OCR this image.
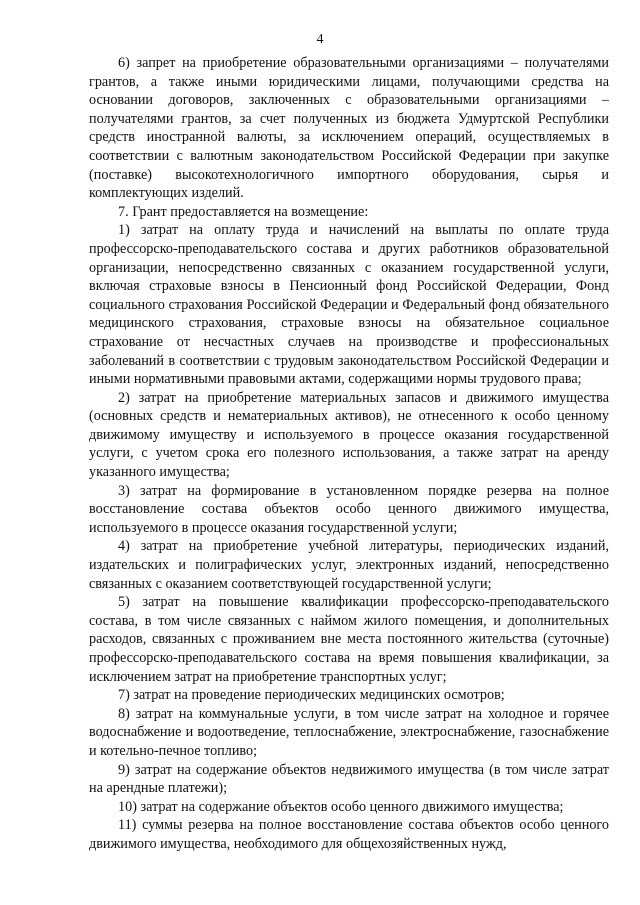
4

6) запрет на приобретение образовательными организациями – получателями грантов, а также иными юридическими лицами, получающими средства на основании договоров, заключенных с образовательными организациями – получателями грантов, за счет полученных из бюджета Удмуртской Республики средств иностранной валюты, за исключением операций, осуществляемых в соответствии с валютным законодательством Российской Федерации при закупке (поставке) высокотехнологичного импортного оборудования, сырья и комплектующих изделий.

7. Грант предоставляется на возмещение:

1) затрат на оплату труда и начислений на выплаты по оплате труда профессорско-преподавательского состава и других работников образовательной организации, непосредственно связанных с оказанием государственной услуги, включая страховые взносы в Пенсионный фонд Российской Федерации, Фонд социального страхования Российской Федерации и Федеральный фонд обязательного медицинского страхования, страховые взносы на обязательное социальное страхование от несчастных случаев на производстве и профессиональных заболеваний в соответствии с трудовым законодательством Российской Федерации и иными нормативными правовыми актами, содержащими нормы трудового права;

2) затрат на приобретение материальных запасов и движимого имущества (основных средств и нематериальных активов), не отнесенного к особо ценному движимому имуществу и используемого в процессе оказания государственной услуги, с учетом срока его полезного использования, а также затрат на аренду указанного имущества;

3) затрат на формирование в установленном порядке резерва на полное восстановление состава объектов особо ценного движимого имущества, используемого в процессе оказания государственной услуги;

4) затрат на приобретение учебной литературы, периодических изданий, издательских и полиграфических услуг, электронных изданий, непосредственно связанных с оказанием соответствующей государственной услуги;

5) затрат на повышение квалификации профессорско-преподавательского состава, в том числе связанных с наймом жилого помещения, и дополнительных расходов, связанных с проживанием вне места постоянного жительства (суточные) профессорско-преподавательского состава на время повышения квалификации, за исключением затрат на приобретение транспортных услуг;

7) затрат на проведение периодических медицинских осмотров;

8) затрат на коммунальные услуги, в том числе затрат на холодное и горячее водоснабжение и водоотведение, теплоснабжение, электроснабжение, газоснабжение и котельно-печное топливо;

9) затрат на содержание объектов недвижимого имущества (в том числе затрат на арендные платежи);

10) затрат на содержание объектов особо ценного движимого имущества;

11) суммы резерва на полное восстановление состава объектов особо ценного движимого имущества, необходимого для общехозяйственных нужд,
